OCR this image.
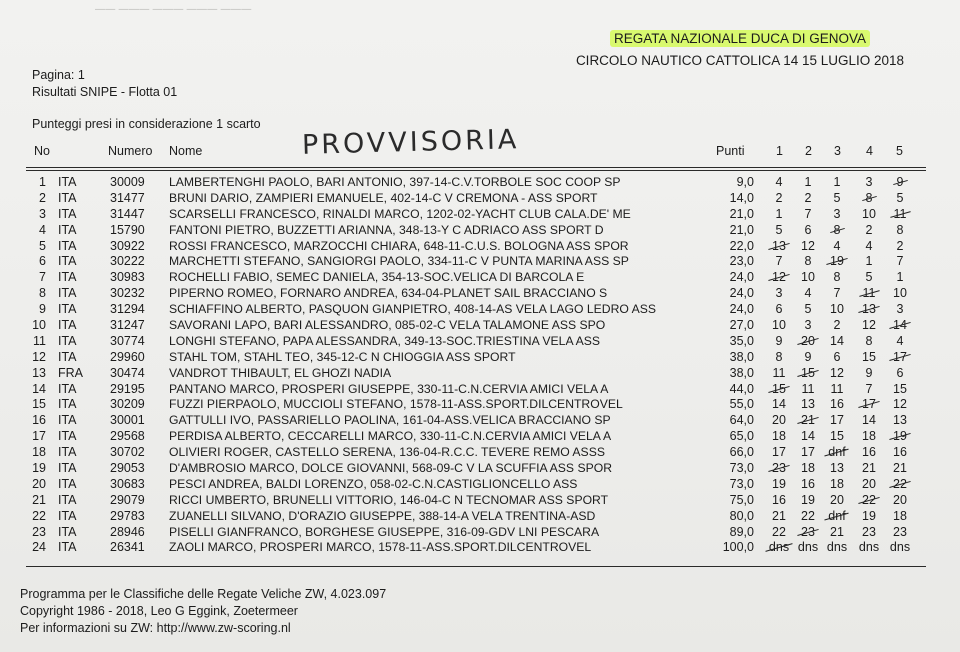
—— ——— ——— ——— ———
REGATA NAZIONALE DUCA DI GENOVA
CIRCOLO NAUTICO CATTOLICA 14 15 LUGLIO 2018
Pagina: 1
Risultati SNIPE - Flotta 01
Punteggi presi in considerazione 1 scarto
PROVVISORIA
No	Numero Nome	Punti	1 2 3 4 5
1 ITA	30009 LAMBERTENGHI PAOLO, BARI ANTONIO, 397-14-C.V.TORBOLE SOC COOP SP	9,0	4	1	1	3	9
2 ITA	31477 BRUNI DARIO, ZAMPIERI EMANUELE, 402-14-C V CREMONA - ASS SPORT	14,0	2	2	5	8	5
3 ITA	31447 SCARSELLI FRANCESCO, RINALDI MARCO, 1202-02-YACHT CLUB CALA.DE' ME	21,0	1	7	3	10	11
4 ITA	15790 FANTONI PIETRO, BUZZETTI ARIANNA, 348-13-Y C ADRIACO ASS SPORT D	21,0	5	6	8	2	8
5 ITA	30922 ROSSI FRANCESCO, MARZOCCHI CHIARA, 648-11-C.U.S. BOLOGNA ASS SPOR	22,0	13	12	4	4	2
6 ITA	30222 MARCHETTI STEFANO, SANGIORGI PAOLO, 334-11-C V PUNTA MARINA ASS SP	23,0	7	8	19	1	7
7 ITA	30983 ROCHELLI FABIO, SEMEC DANIELA, 354-13-SOC.VELICA DI BARCOLA E	24,0	12	10	8	5	1
8 ITA	30232 PIPERNO ROMEO, FORNARO ANDREA, 634-04-PLANET SAIL BRACCIANO S	24,0	3	4	7	11	10
9 ITA	31294 SCHIAFFINO ALBERTO, PASQUON GIANPIETRO, 408-14-AS VELA LAGO LEDRO ASS	24,0	6	5	10	13	3
10 ITA	31247 SAVORANI LAPO, BARI ALESSANDRO, 085-02-C VELA TALAMONE ASS SPO	27,0	10	3	2	12	14
11 ITA	30774 LONGHI STEFANO, PAPA ALESSANDRA, 349-13-SOC.TRIESTINA VELA ASS	35,0	9	20	14	8	4
12 ITA	29960 STAHL TOM, STAHL TEO, 345-12-C N CHIOGGIA ASS SPORT	38,0	8	9	6	15	17
13 FRA 30474 VANDROT THIBAULT, EL GHOZI NADIA	38,0	11	15	12	9	6
14 ITA	29195 PANTANO MARCO, PROSPERI GIUSEPPE, 330-11-C.N.CERVIA AMICI VELA A	44,0	15	11	11	7	15
15 ITA	30209 FUZZI PIERPAOLO, MUCCIOLI STEFANO, 1578-11-ASS.SPORT.DILCENTROVEL	55,0	14	13	16	17	12
16 ITA	30001 GATTULLI IVO, PASSARIELLO PAOLINA, 161-04-ASS.VELICA BRACCIANO SP	64,0	20	21	17	14	13
17 ITA	29568 PERDISA ALBERTO, CECCARELLI MARCO, 330-11-C.N.CERVIA AMICI VELA A	65,0	18	14	15	18	19
18 ITA	30702 OLIVIERI ROGER, CASTELLO SERENA, 136-04-R.C.C. TEVERE REMO ASSS	66,0	17	17	dnf	16	16
19 ITA	29053 D'AMBROSIO MARCO, DOLCE GIOVANNI, 568-09-C V LA SCUFFIA ASS SPOR	73,0	23	18	13	21	21
20 ITA	30683 PESCI ANDREA, BALDI LORENZO, 058-02-C.N.CASTIGLIONCELLO ASS	73,0	19	16	18	20	22
21 ITA	29079 RICCI UMBERTO, BRUNELLI VITTORIO, 146-04-C N TECNOMAR ASS SPORT	75,0	16	19	20	22	20
22 ITA	29783 ZUANELLI SILVANO, D'ORAZIO GIUSEPPE, 388-14-A VELA TRENTINA-ASD	80,0	21	22	dnf	19	18
23 ITA	28946 PISELLI GIANFRANCO, BORGHESE GIUSEPPE, 316-09-GDV LNI PESCARA	89,0	22	23	21	23	23
24 ITA	26341 ZAOLI MARCO, PROSPERI MARCO, 1578-11-ASS.SPORT.DILCENTROVEL	100,0 dns dns dns dns dns
Programma per le Classifiche delle Regate Veliche ZW, 4.023.097
Copyright 1986 - 2018, Leo G Eggink, Zoetermeer
Per informazioni su ZW: http://www.zw-scoring.nl
